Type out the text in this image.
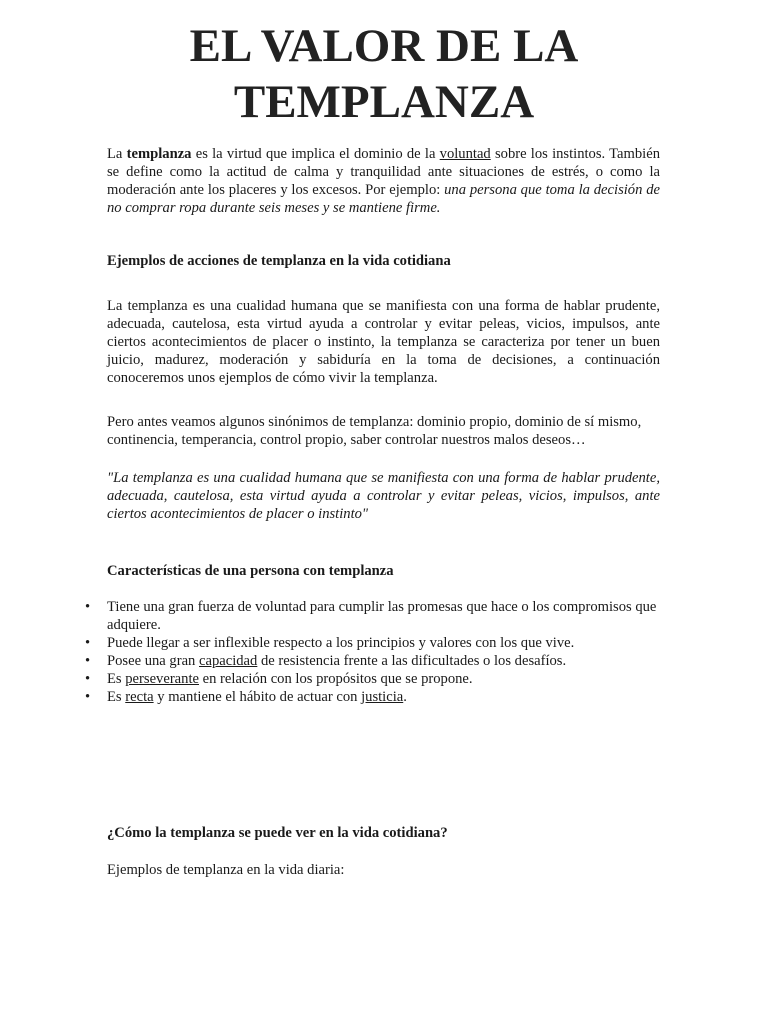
EL VALOR DE LA
TEMPLANZA

La templanza es la virtud que implica el dominio de la voluntad sobre los instintos. También se define como la actitud de calma y tranquilidad ante situaciones de estrés, o como la moderación ante los placeres y los excesos. Por ejemplo: una persona que toma la decisión de no comprar ropa durante seis meses y se mantiene firme.

Ejemplos de acciones de templanza en la vida cotidiana

La templanza es una cualidad humana que se manifiesta con una forma de hablar prudente, adecuada, cautelosa, esta virtud ayuda a controlar y evitar peleas, vicios, impulsos, ante ciertos acontecimientos de placer o instinto, la templanza se caracteriza por tener un buen juicio, madurez, moderación y sabiduría en la toma de decisiones, a continuación conoceremos unos ejemplos de cómo vivir la templanza.

Pero antes veamos algunos sinónimos de templanza: dominio propio, dominio de sí mismo, continencia, temperancia, control propio, saber controlar nuestros malos deseos…

"La templanza es una cualidad humana que se manifiesta con una forma de hablar prudente, adecuada, cautelosa, esta virtud ayuda a controlar y evitar peleas, vicios, impulsos, ante ciertos acontecimientos de placer o instinto"

Características de una persona con templanza

• Tiene una gran fuerza de voluntad para cumplir las promesas que hace o los compromisos que adquiere.
• Puede llegar a ser inflexible respecto a los principios y valores con los que vive.
• Posee una gran capacidad de resistencia frente a las dificultades o los desafíos.
• Es perseverante en relación con los propósitos que se propone.
• Es recta y mantiene el hábito de actuar con justicia.

¿Cómo la templanza se puede ver en la vida cotidiana?

Ejemplos de templanza en la vida diaria:
